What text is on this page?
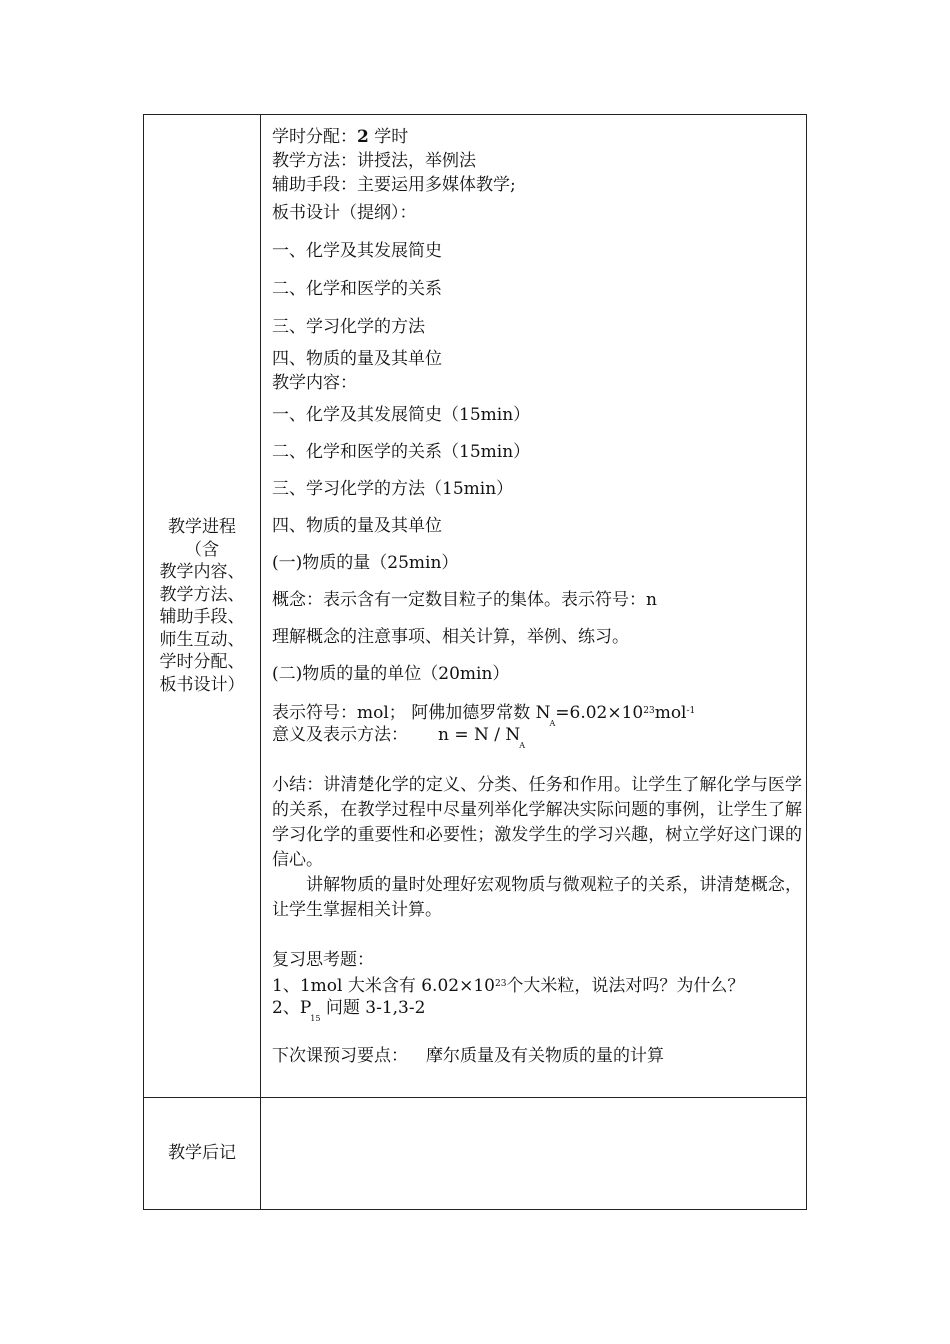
教学进程
（含
教学内容、
教学方法、
辅助手段、
师生互动、
学时分配、
板书设计）
教学后记
学时分配：2 学时
教学方法：讲授法，举例法
辅助手段：主要运用多媒体教学;
板书设计（提纲）：
一、化学及其发展简史
二、化学和医学的关系
三、学习化学的方法
四、物质的量及其单位
教学内容：
一、化学及其发展简史（15min）
二、化学和医学的关系（15min）
三、学习化学的方法（15min）
四、物质的量及其单位
(一)物质的量（25min）
概念：表示含有一定数目粒子的集体。表示符号：n
理解概念的注意事项、相关计算，举例、练习。
(二)物质的量的单位（20min）
表示符号：mol； 阿佛加德罗常数 $N_A=6.02\times 10^{23}mol^{-1}$
意义及表示方法： $n = N / N_A$
小结：讲清楚化学的定义、分类、任务和作用。让学生了解化学与医学的关系，在教学过程中尽量列举化学解决实际问题的事例，让学生了解学习化学的重要性和必要性；激发学生的学习兴趣，树立学好这门课的信心。
讲解物质的量时处理好宏观物质与微观粒子的关系，讲清楚概念，让学生掌握相关计算。
复习思考题：
1、1mol 大米含有 $6.02\times 10^{23}$个大米粒，说法对吗？为什么？
2、$P_{15}$ 问题 3-1,3-2
下次课预习要点： 摩尔质量及有关物质的量的计算
